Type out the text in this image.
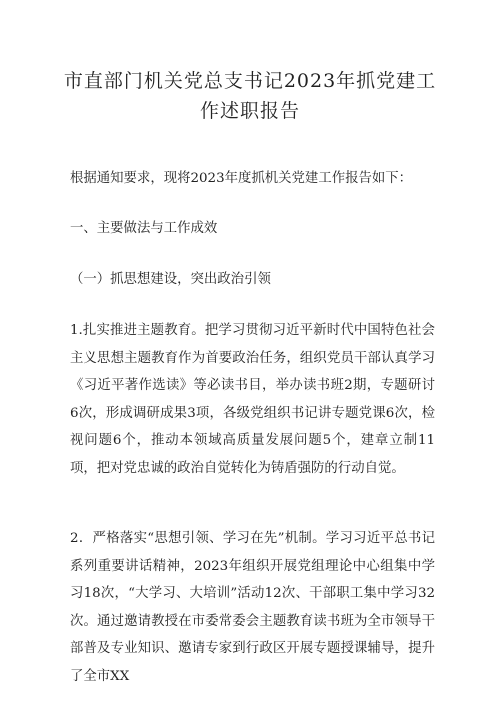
市直部门机关党总支书记2023年抓党建工作述职报告
根据通知要求，现将2023年度抓机关党建工作报告如下：
一、主要做法与工作成效
（一）抓思想建设，突出政治引领
1.扎实推进主题教育。把学习贯彻习近平新时代中国特色社会主义思想主题教育作为首要政治任务，组织党员干部认真学习《习近平著作选读》等必读书目，举办读书班2期，专题研讨6次，形成调研成果3项，各级党组织书记讲专题党课6次，检视问题6个，推动本领域高质量发展问题5个，建章立制11项，把对党忠诚的政治自觉转化为铸盾强防的行动自觉。
2．严格落实“思想引领、学习在先”机制。学习习近平总书记系列重要讲话精神，2023年组织开展党组理论中心组集中学习18次，“大学习、大培训”活动12次、干部职工集中学习32次。通过邀请教授在市委常委会主题教育读书班为全市领导干部普及专业知识、邀请专家到行政区开展专题授课辅导，提升了全市XX
